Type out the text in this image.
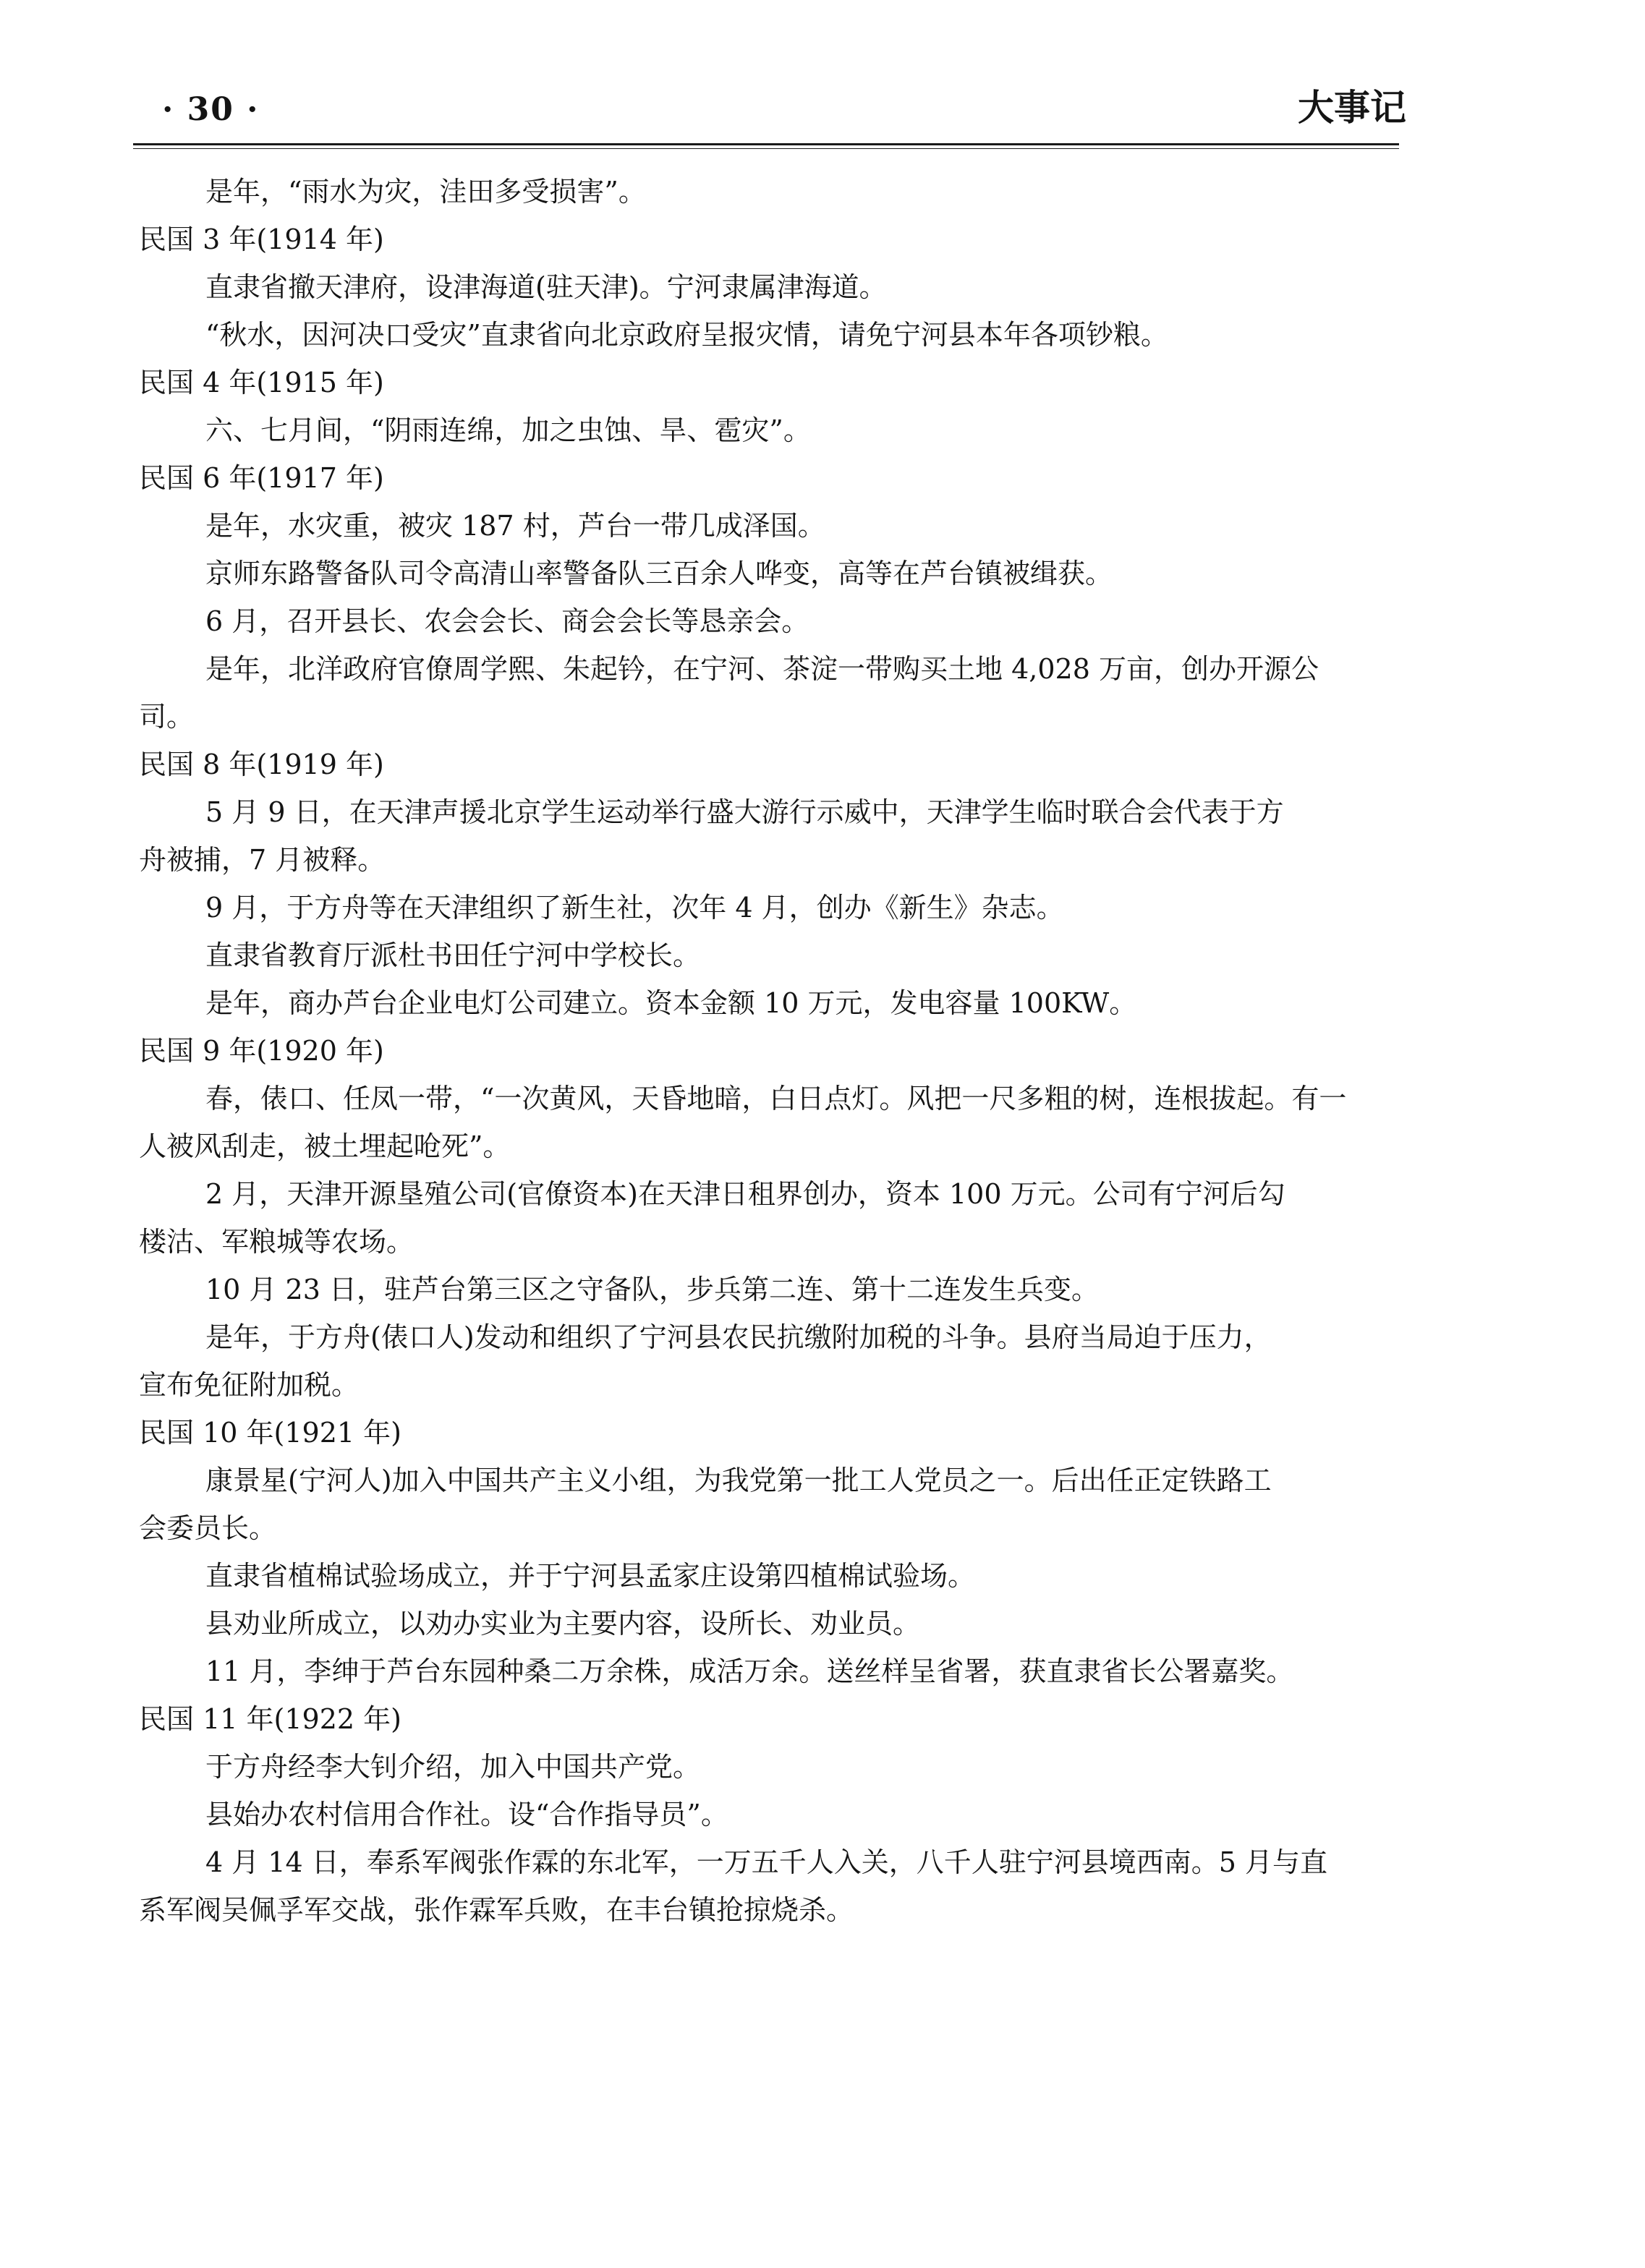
· 30 ·	大事记
是年，“雨水为灾，洼田多受损害”。
民国 3 年(1914 年)
直隶省撤天津府，设津海道(驻天津)。宁河隶属津海道。
“秋水，因河决口受灾”直隶省向北京政府呈报灾情，请免宁河县本年各项钞粮。
民国 4 年(1915 年)
六、七月间，“阴雨连绵，加之虫蚀、旱、雹灾”。
民国 6 年(1917 年)
是年，水灾重，被灾 187 村，芦台一带几成泽国。
京师东路警备队司令高清山率警备队三百余人哗变，高等在芦台镇被缉获。
6 月，召开县长、农会会长、商会会长等恳亲会。
是年，北洋政府官僚周学熙、朱起钤，在宁河、茶淀一带购买土地 4,028 万亩，创办开源公
司。
民国 8 年(1919 年)
5 月 9 日，在天津声援北京学生运动举行盛大游行示威中，天津学生临时联合会代表于方
舟被捕，7 月被释。
9 月，于方舟等在天津组织了新生社，次年 4 月，创办《新生》杂志。
直隶省教育厅派杜书田任宁河中学校长。
是年，商办芦台企业电灯公司建立。资本金额 10 万元，发电容量 100KW。
民国 9 年(1920 年)
春，俵口、任凤一带，“一次黄风，天昏地暗，白日点灯。风把一尺多粗的树，连根拔起。有一
人被风刮走，被土埋起呛死”。
2 月，天津开源垦殖公司(官僚资本)在天津日租界创办，资本 100 万元。公司有宁河后勾
楼沽、军粮城等农场。
10 月 23 日，驻芦台第三区之守备队，步兵第二连、第十二连发生兵变。
是年，于方舟(俵口人)发动和组织了宁河县农民抗缴附加税的斗争。县府当局迫于压力，
宣布免征附加税。
民国 10 年(1921 年)
康景星(宁河人)加入中国共产主义小组，为我党第一批工人党员之一。后出任正定铁路工
会委员长。
直隶省植棉试验场成立，并于宁河县孟家庄设第四植棉试验场。
县劝业所成立，以劝办实业为主要内容，设所长、劝业员。
11 月，李绅于芦台东园种桑二万余株，成活万余。送丝样呈省署，获直隶省长公署嘉奖。
民国 11 年(1922 年)
于方舟经李大钊介绍，加入中国共产党。
县始办农村信用合作社。设“合作指导员”。
4 月 14 日，奉系军阀张作霖的东北军，一万五千人入关，八千人驻宁河县境西南。5 月与直
系军阀吴佩孚军交战，张作霖军兵败，在丰台镇抢掠烧杀。
